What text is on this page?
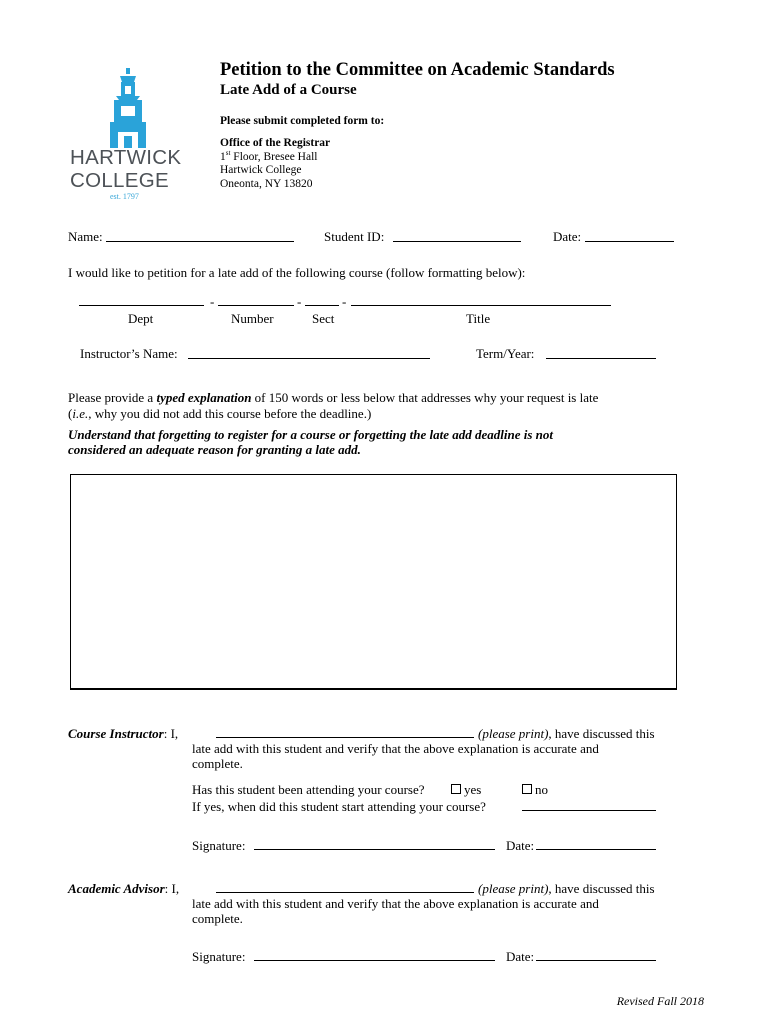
HARTWICK
COLLEGE
est. 1797
Petition to the Committee on Academic Standards
Late Add of a Course
Please submit completed form to:
Office of the Registrar
1st Floor, Bresee Hall
Hartwick College
Oneonta, NY 13820
Name:	Student ID:	Date:
I would like to petition for a late add of the following course (follow formatting below):
-	-	-
Dept	Number	Sect	Title
Instructor’s Name:	Term/Year:
Please provide a typed explanation of 150 words or less below that addresses why your request is late
(i.e., why you did not add this course before the deadline.)
Understand that forgetting to register for a course or forgetting the late add deadline is not
considered an adequate reason for granting a late add.
Course Instructor: I,	(please print), have discussed this
late add with this student and verify that the above explanation is accurate and
complete.
Has this student been attending your course?	yes	no
If yes, when did this student start attending your course?
Signature:	Date:
Academic Advisor: I,	(please print), have discussed this
late add with this student and verify that the above explanation is accurate and
complete.
Signature:	Date:
Revised Fall 2018
